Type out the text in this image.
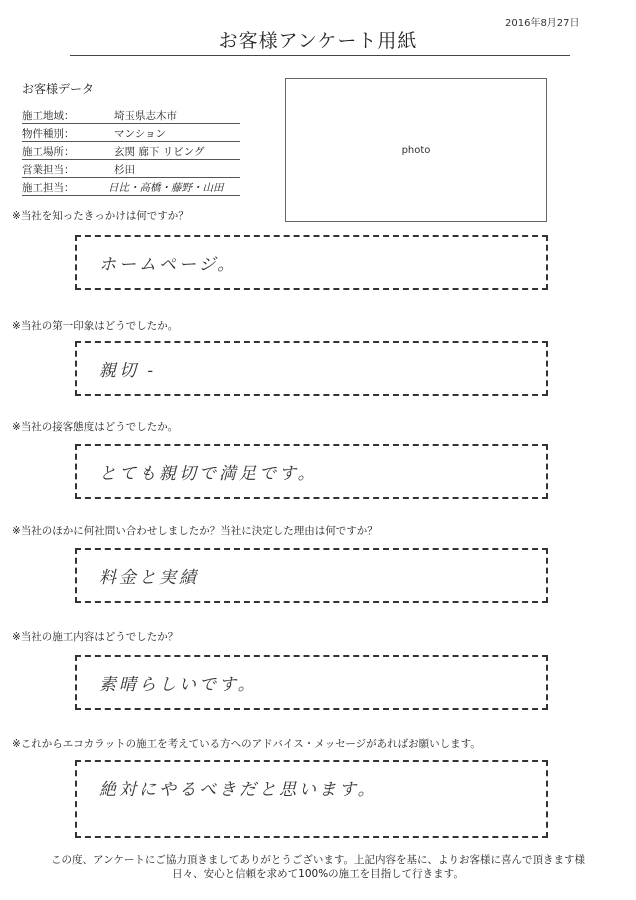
2016年8月27日
お客様アンケート用紙
お客様データ
施工地域：	埼玉県志木市
物件種別：	マンション
施工場所：	玄関 廊下 リビング
営業担当：	杉田
施工担当：	日比・高橋・藤野・山田
photo
※当社を知ったきっかけは何ですか？
ホームページ。
※当社の第一印象はどうでしたか。
親切 -
※当社の接客態度はどうでしたか。
とても親切で満足です。
※当社のほかに何社問い合わせしましたか？当社に決定した理由は何ですか？
料金と実績
※当社の施工内容はどうでしたか？
素晴らしいです。
※これからエコカラットの施工を考えている方へのアドバイス・メッセージがあればお願いします。
絶対にやるべきだと思います。
この度、アンケートにご協力頂きましてありがとうございます。上記内容を基に、よりお客様に喜んで頂きます様
日々、安心と信頼を求めて100%の施工を目指して行きます。
